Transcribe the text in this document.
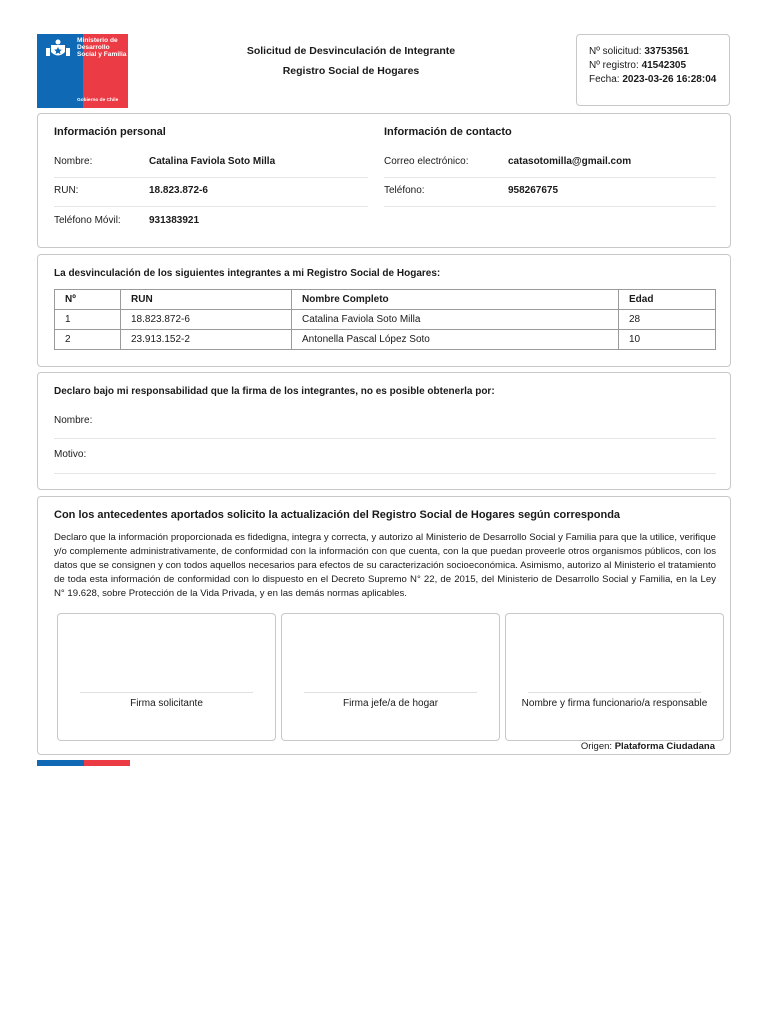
Ministerio de Desarrollo Social y Familia
Gobierno de Chile
Solicitud de Desvinculación de Integrante
Registro Social de Hogares
Nº solicitud: 33753561
Nº registro: 41542305
Fecha: 2023-03-26 16:28:04
Información personal	Información de contacto
Nombre:	Catalina Faviola Soto Milla	Correo electrónico:	catasotomilla@gmail.com
RUN:	18.823.872-6	Teléfono:	958267675
Teléfono Móvil:	931383921
La desvinculación de los siguientes integrantes a mi Registro Social de Hogares:
Nº	RUN	Nombre Completo	Edad
1	18.823.872-6	Catalina Faviola Soto Milla	28
2	23.913.152-2	Antonella Pascal López Soto	10
Declaro bajo mi responsabilidad que la firma de los integrantes, no es posible obtenerla por:
Nombre:
Motivo:
Con los antecedentes aportados solicito la actualización del Registro Social de Hogares según corresponda
Declaro que la información proporcionada es fidedigna, integra y correcta, y autorizo al Ministerio de Desarrollo Social y Familia para que la utilice, verifique y/o complemente administrativamente, de conformidad con la información con que cuenta, con la que puedan proveerle otros organismos públicos, con los datos que se consignen y con todos aquellos necesarios para efectos de su caracterización socioeconómica. Asimismo, autorizo al Ministerio el tratamiento de toda esta información de conformidad con lo dispuesto en el Decreto Supremo N° 22, de 2015, del Ministerio de Desarrollo Social y Familia, en la Ley N° 19.628, sobre Protección de la Vida Privada, y en las demás normas aplicables.
Firma solicitante	Firma jefe/a de hogar	Nombre y firma funcionario/a responsable
Origen: Plataforma Ciudadana
